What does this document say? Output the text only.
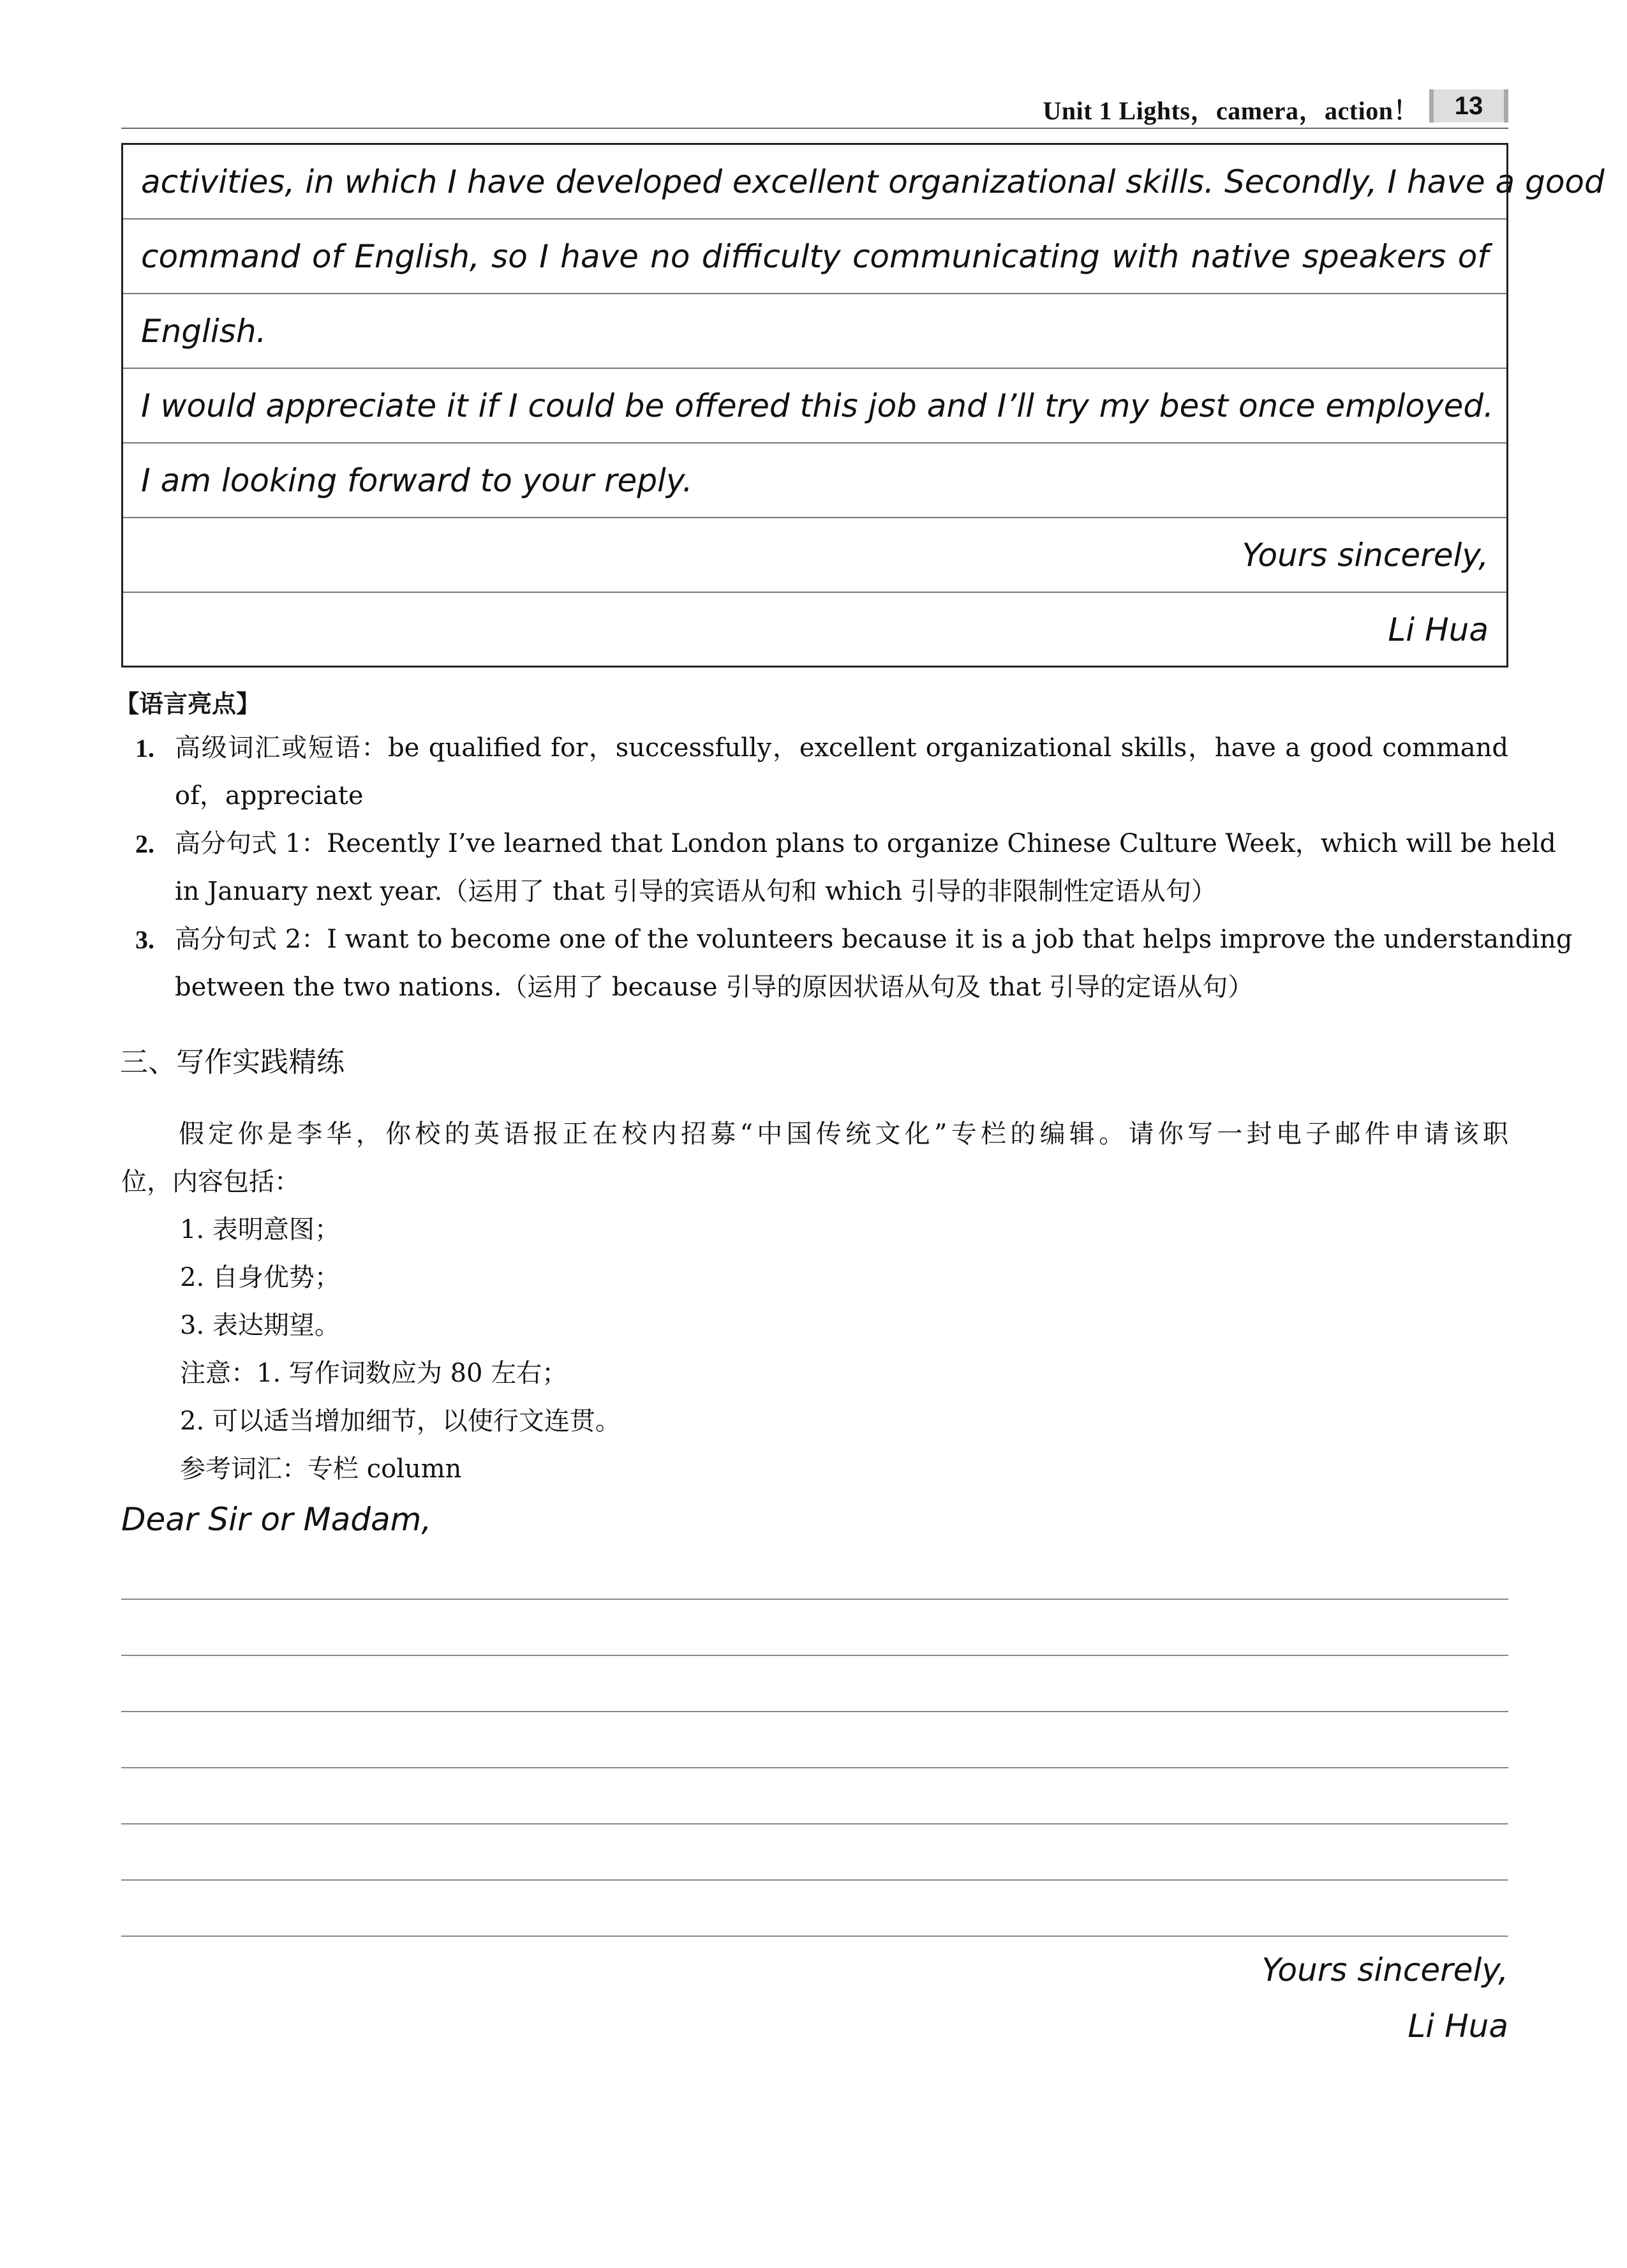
Unit 1 Lights，camera，action！	13
activities, in which I have developed excellent organizational skills. Secondly, I have a good
command of English, so I have no difficulty communicating with native speakers of
English.
I would appreciate it if I could be offered this job and I’ll try my best once employed.
I am looking forward to your reply.
Yours sincerely,
Li Hua
【语言亮点】
1. 高级词汇或短语：be qualified for，successfully，excellent organizational skills，have a good command
of，appreciate
2. 高分句式 1：Recently I’ve learned that London plans to organize Chinese Culture Week，which will be held
in January next year.（运用了 that 引导的宾语从句和 which 引导的非限制性定语从句）
3. 高分句式 2：I want to become one of the volunteers because it is a job that helps improve the understanding
between the two nations.（运用了 because 引导的原因状语从句及 that 引导的定语从句）
三、写作实践精练
假定你是李华，你校的英语报正在校内招募“中国传统文化”专栏的编辑。请你写一封电子邮件申请该职
位，内容包括：
1. 表明意图；
2. 自身优势；
3. 表达期望。
注意：1. 写作词数应为 80 左右；
2. 可以适当增加细节，以使行文连贯。
参考词汇：专栏 column
Dear Sir or Madam,
Yours sincerely,
Li Hua
